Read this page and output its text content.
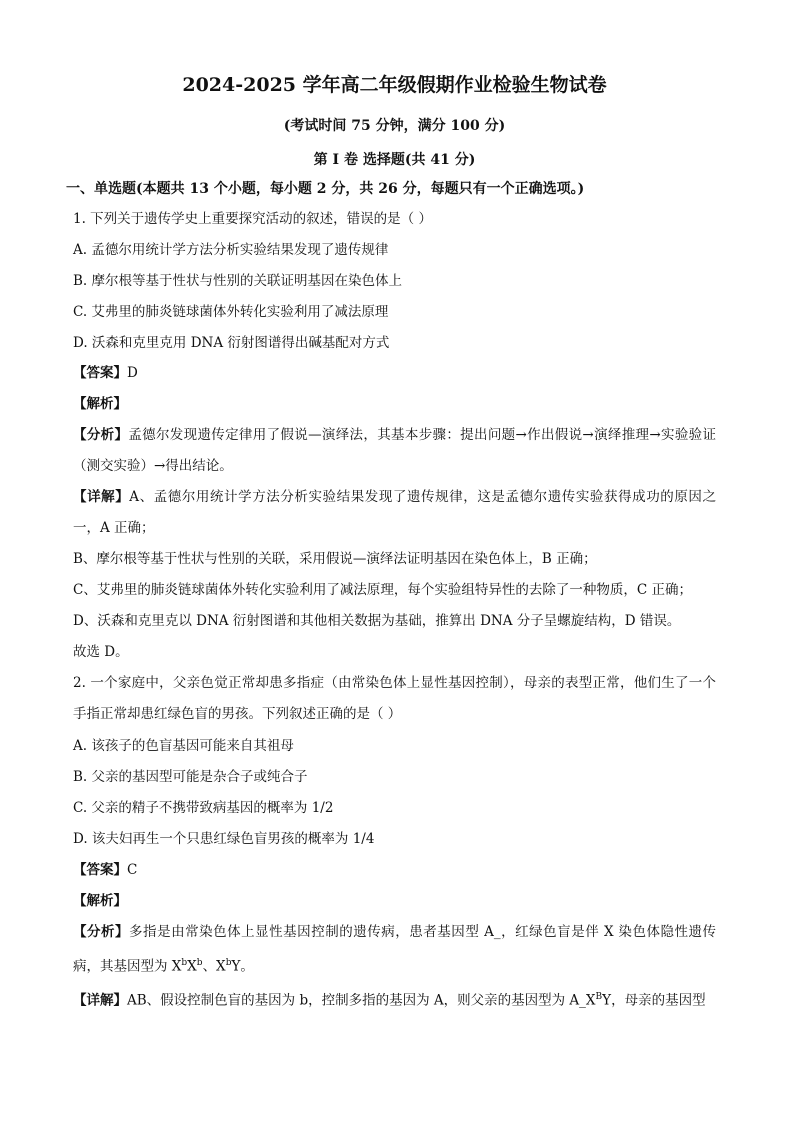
2024-2025 学年高二年级假期作业检验生物试卷
(考试时间 75 分钟，满分 100 分)
第 I 卷 选择题(共 41 分)
一、单选题(本题共 13 个小题，每小题 2 分，共 26 分，每题只有一个正确选项。)
1. 下列关于遗传学史上重要探究活动的叙述，错误的是（ ）
A. 孟德尔用统计学方法分析实验结果发现了遗传规律
B. 摩尔根等基于性状与性别的关联证明基因在染色体上
C. 艾弗里的肺炎链球菌体外转化实验利用了减法原理
D. 沃森和克里克用 DNA 衍射图谱得出碱基配对方式
【答案】D
【解析】
【分析】孟德尔发现遗传定律用了假说—演绎法，其基本步骤：提出问题→作出假说→演绎推理→实验验证（测交实验）→得出结论。
【详解】A、孟德尔用统计学方法分析实验结果发现了遗传规律，这是孟德尔遗传实验获得成功的原因之一，A 正确；
B、摩尔根等基于性状与性别的关联，采用假说—演绎法证明基因在染色体上，B 正确；
C、艾弗里的肺炎链球菌体外转化实验利用了减法原理，每个实验组特异性的去除了一种物质，C 正确；
D、沃森和克里克以 DNA 衍射图谱和其他相关数据为基础，推算出 DNA 分子呈螺旋结构，D 错误。
故选 D。
2. 一个家庭中，父亲色觉正常却患多指症（由常染色体上显性基因控制），母亲的表型正常，他们生了一个手指正常却患红绿色盲的男孩。下列叙述正确的是（ ）
A. 该孩子的色盲基因可能来自其祖母
B. 父亲的基因型可能是杂合子或纯合子
C. 父亲的精子不携带致病基因的概率为 1/2
D. 该夫妇再生一个只患红绿色盲男孩的概率为 1/4
【答案】C
【解析】
【分析】多指是由常染色体上显性基因控制的遗传病，患者基因型 A_，红绿色盲是伴 X 染色体隐性遗传病，其基因型为 $X^bX^b$、$X^bY$。
【详解】AB、假设控制色盲的基因为 b，控制多指的基因为 A，则父亲的基因型为 $A\_X^BY$，母亲的基因型
